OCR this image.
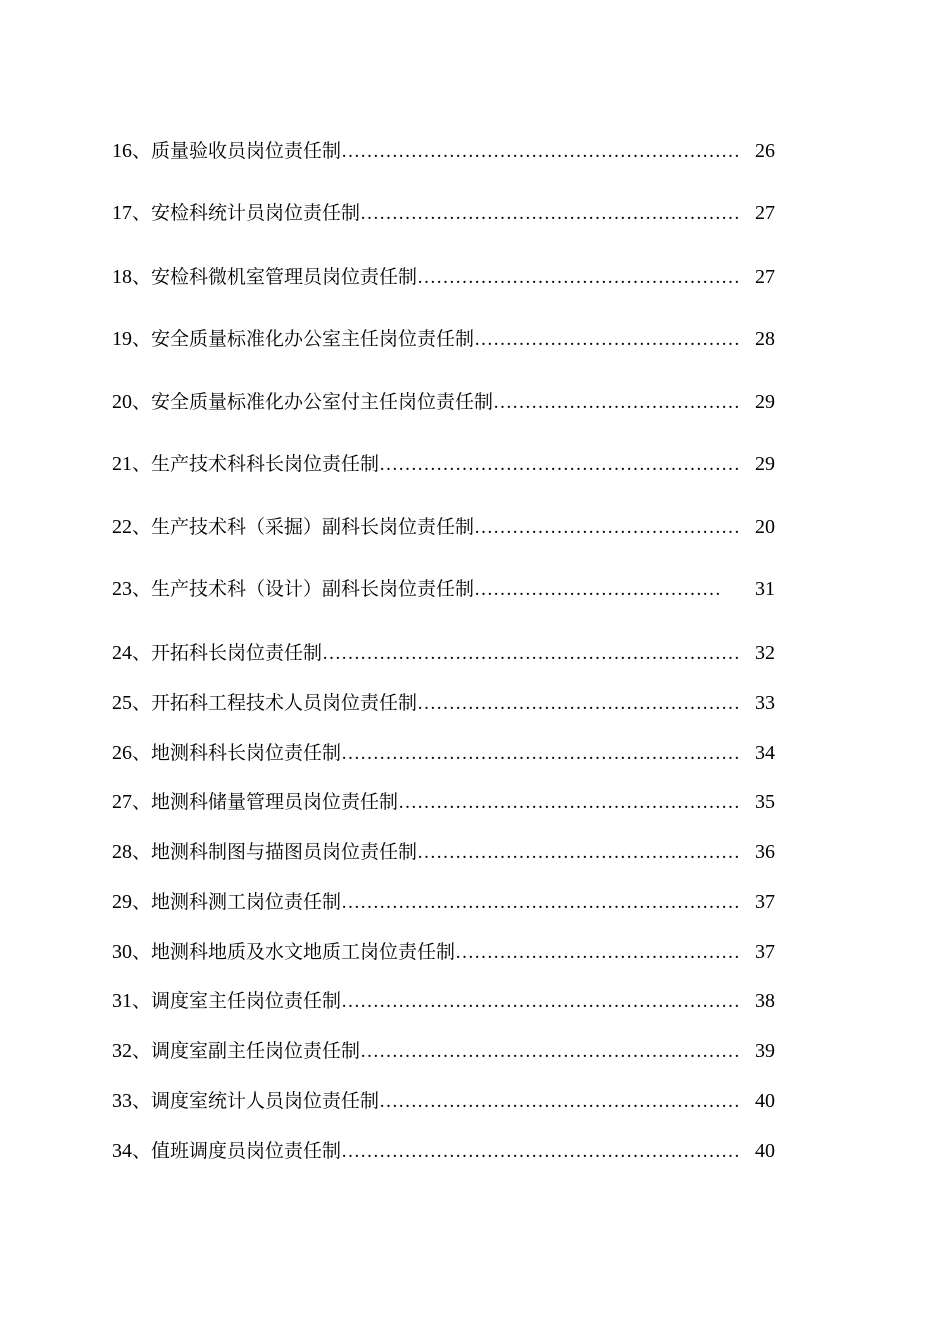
16、质量验收员岗位责任制……………………………………………………… 26
17、安检科统计员岗位责任制…………………………………………………… 27
18、安检科微机室管理员岗位责任制…………………………………………… 27
19、安全质量标准化办公室主任岗位责任制…………………………………… 28
20、安全质量标准化办公室付主任岗位责任制………………………………… 29
21、生产技术科科长岗位责任制………………………………………………… 29
22、生产技术科（采掘）副科长岗位责任制…………………………………… 20
23、生产技术科（设计）副科长岗位责任制………………………………… 31
24、开拓科长岗位责任制………………………………………………………… 32
25、开拓科工程技术人员岗位责任制…………………………………………… 33
26、地测科科长岗位责任制……………………………………………………… 34
27、地测科储量管理员岗位责任制……………………………………………… 35
28、地测科制图与描图员岗位责任制…………………………………………… 36
29、地测科测工岗位责任制……………………………………………………… 37
30、地测科地质及水文地质工岗位责任制……………………………………… 37
31、调度室主任岗位责任制……………………………………………………… 38
32、调度室副主任岗位责任制…………………………………………………… 39
33、调度室统计人员岗位责任制………………………………………………… 40
34、值班调度员岗位责任制……………………………………………………… 40
